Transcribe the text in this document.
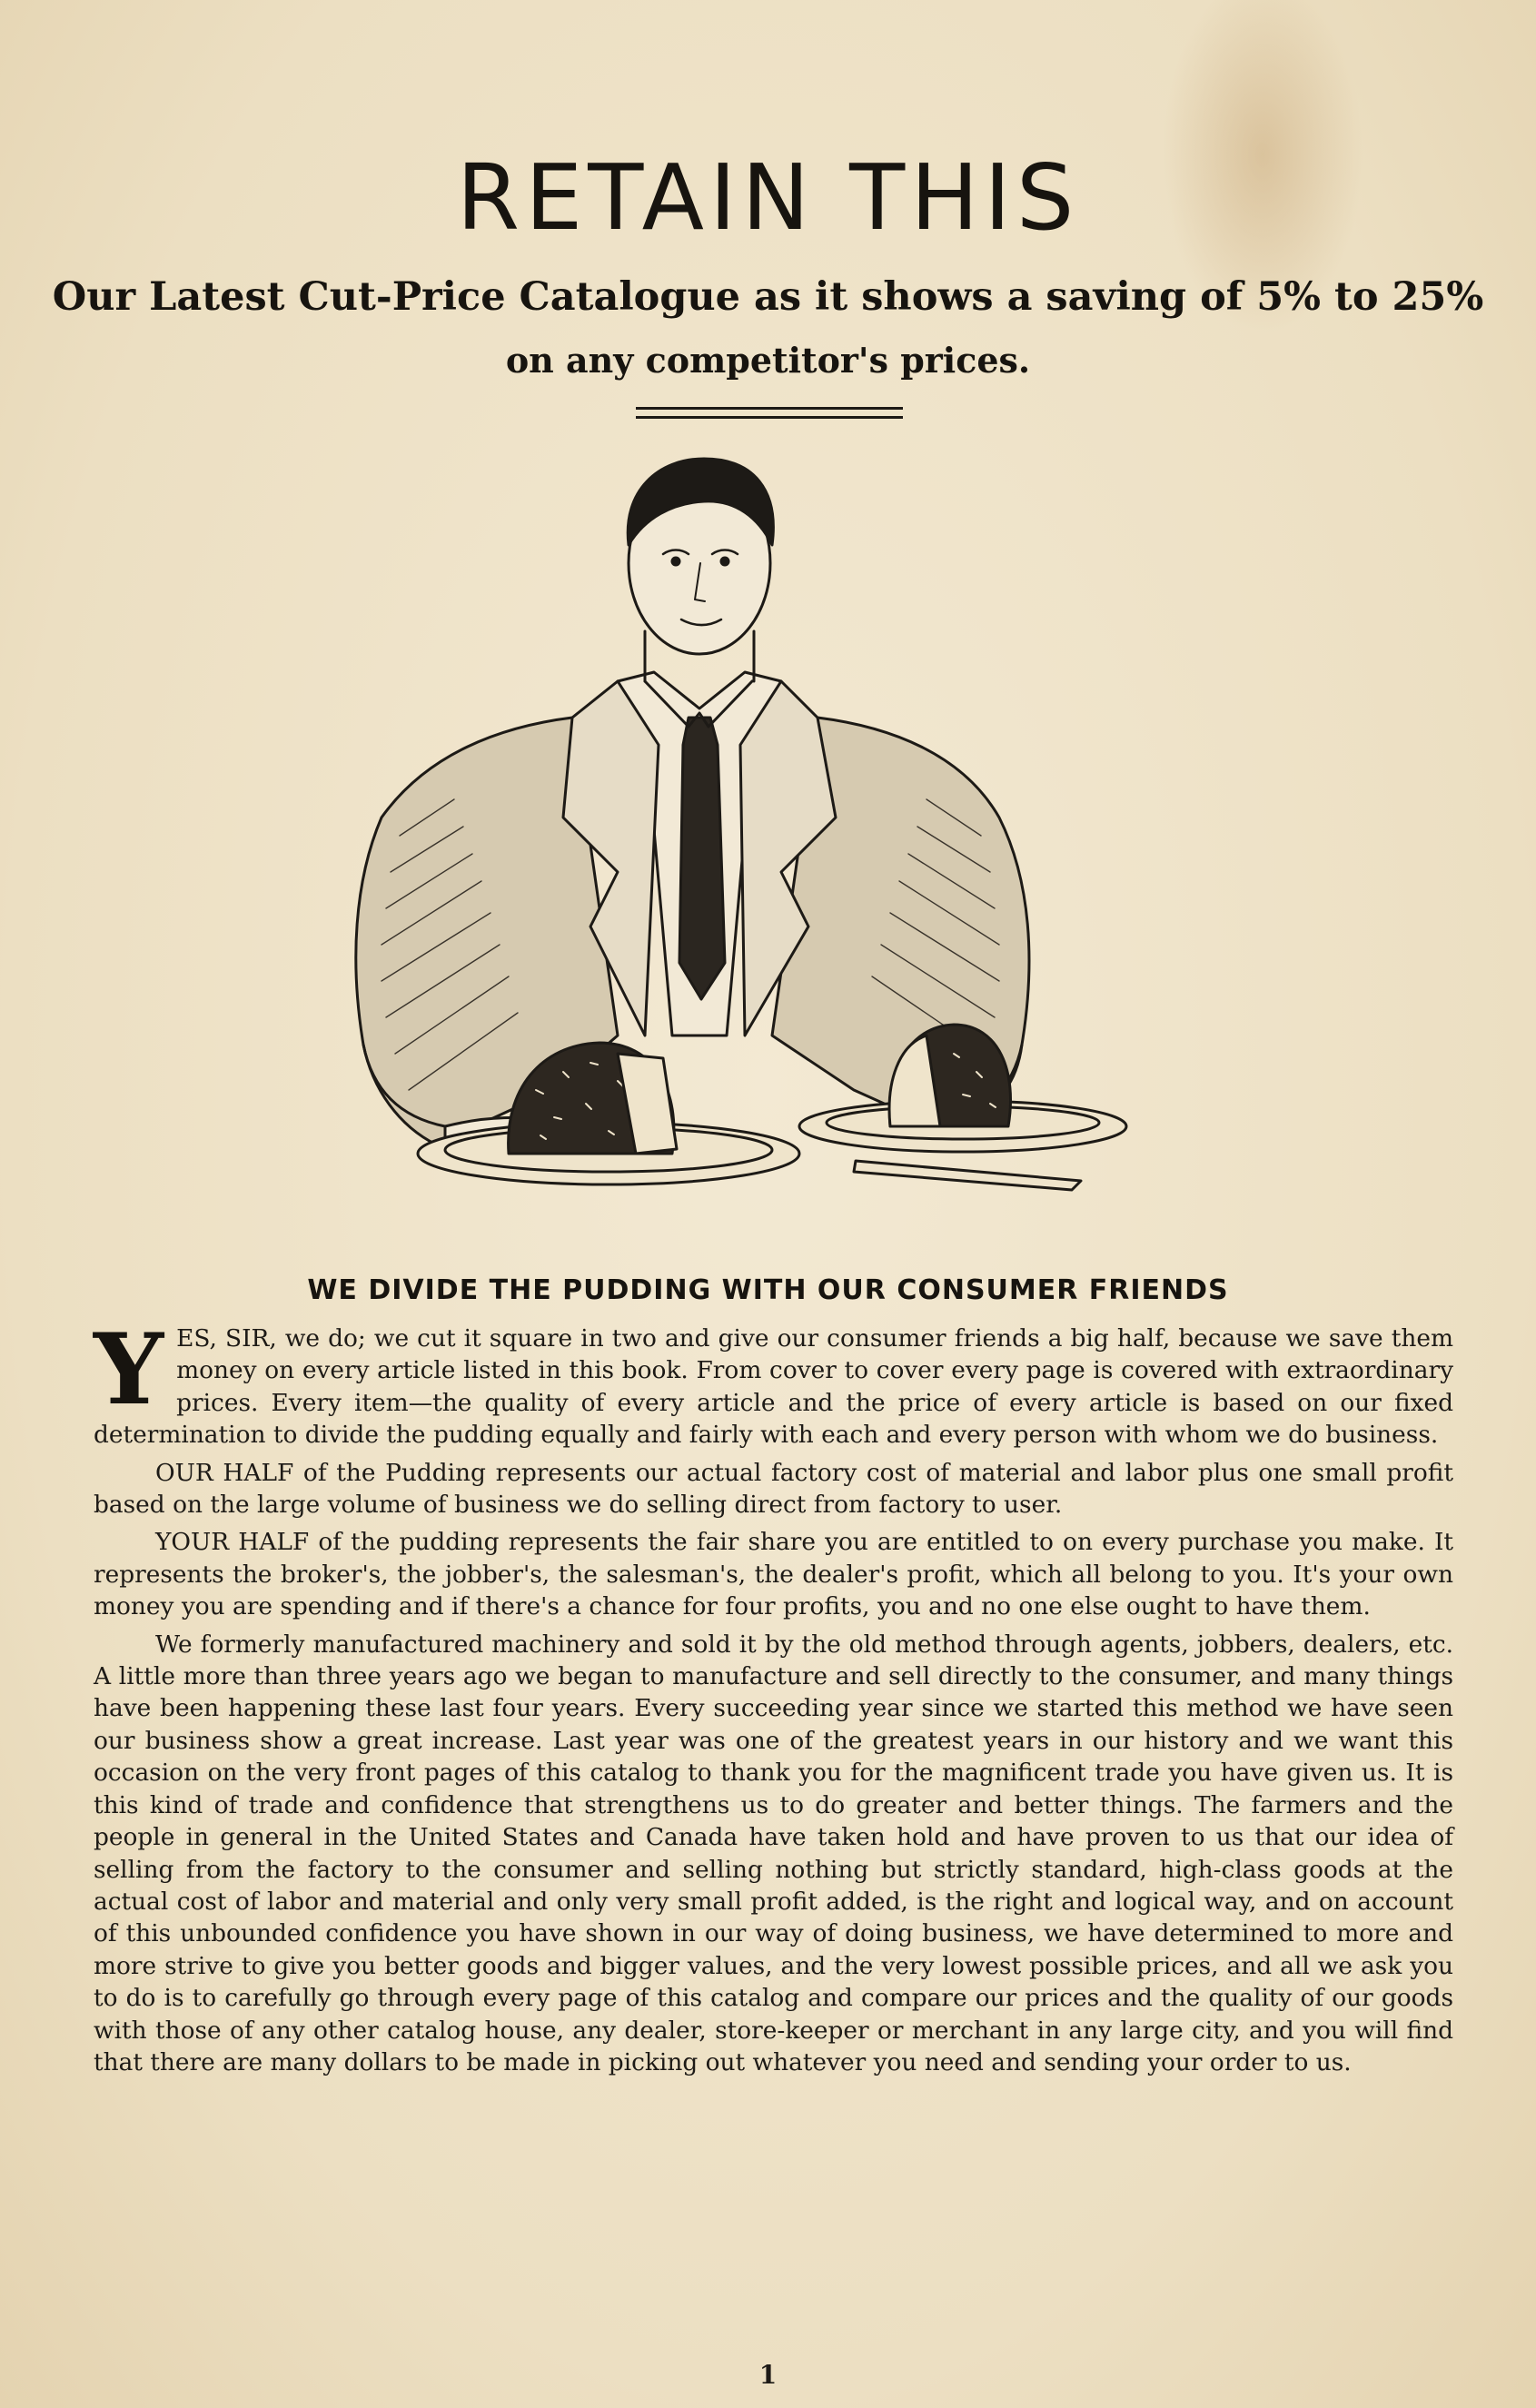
RETAIN THIS
Our Latest Cut-Price Catalogue as it shows a saving of 5% to 25%
on any competitor's prices.
WE DIVIDE THE PUDDING WITH OUR CONSUMER FRIENDS

YES, SIR, we do; we cut it square in two and give our consumer friends a big half, because we save them money on every article listed in this book. From cover to cover every page is covered with extraordinary prices. Every item—the quality of every article and the price of every article is based on our fixed determination to divide the pudding equally and fairly with each and every person with whom we do business.

OUR HALF of the Pudding represents our actual factory cost of material and labor plus one small profit based on the large volume of business we do selling direct from factory to user.

YOUR HALF of the pudding represents the fair share you are entitled to on every purchase you make. It represents the broker's, the jobber's, the salesman's, the dealer's profit, which all belong to you. It's your own money you are spending and if there's a chance for four profits, you and no one else ought to have them.

We formerly manufactured machinery and sold it by the old method through agents, jobbers, dealers, etc. A little more than three years ago we began to manufacture and sell directly to the consumer, and many things have been happening these last four years. Every succeeding year since we started this method we have seen our business show a great increase. Last year was one of the greatest years in our history and we want this occasion on the very front pages of this catalog to thank you for the magnificent trade you have given us. It is this kind of trade and confidence that strengthens us to do greater and better things. The farmers and the people in general in the United States and Canada have taken hold and have proven to us that our idea of selling from the factory to the consumer and selling nothing but strictly standard, high-class goods at the actual cost of labor and material and only very small profit added, is the right and logical way, and on account of this unbounded confidence you have shown in our way of doing business, we have determined to more and more strive to give you better goods and bigger values, and the very lowest possible prices, and all we ask you to do is to carefully go through every page of this catalog and compare our prices and the quality of our goods with those of any other catalog house, any dealer, store-keeper or merchant in any large city, and you will find that there are many dollars to be made in picking out whatever you need and sending your order to us.

1
